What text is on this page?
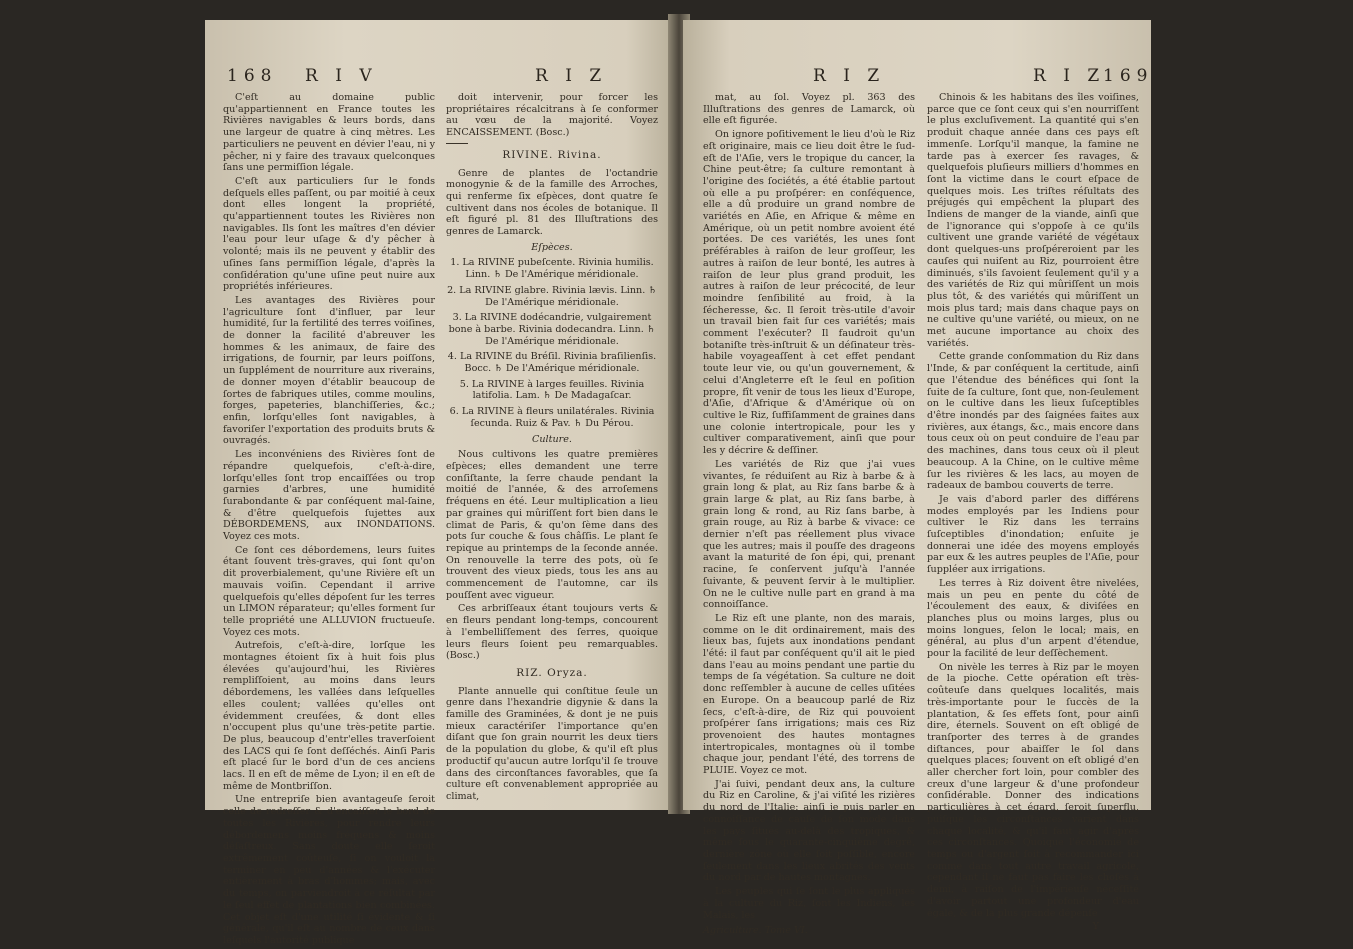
168 R I V	R I Z

C'eſt au domaine public qu'appartiennent en France toutes les Rivières navigables & leurs bords, dans une largeur de quatre à cinq mètres. Les particuliers ne peuvent en dévier l'eau, ni y pêcher, ni y faire des travaux quelconques ſans une permiſſion légale.

C'eſt aux particuliers ſur le fonds deſquels elles paſſent, ou par moitié à ceux dont elles longent la propriété, qu'appartiennent toutes les Rivières non navigables. Ils ſont les maîtres d'en dévier l'eau pour leur uſage & d'y pêcher à volonté; mais ils ne peuvent y établir des uſines ſans permiſſion légale, d'après la conſidération qu'une uſine peut nuire aux propriétés inférieures.

Les avantages des Rivières pour l'agriculture ſont d'influer, par leur humidité, ſur la fertilité des terres voiſines, de donner la facilité d'abreuver les hommes & les animaux, de faire des irrigations, de fournir, par leurs poiſſons, un ſupplément de nourriture aux riverains, de donner moyen d'établir beaucoup de ſortes de fabriques utiles, comme moulins, forges, papeteries, blanchiſſeries, &c.; enfin, lorſqu'elles ſont navigables, à favoriſer l'exportation des produits bruts & ouvragés.

Les inconvéniens des Rivières ſont de répandre quelquefois, c'eſt-à-dire, lorſqu'elles ſont trop encaiſſées ou trop garnies d'arbres, une humidité ſurabondante & par conſéquent mal-ſaine, & d'être quelquefois ſujettes aux DÉBORDEMENS, aux INONDATIONS. Voyez ces mots.

Ce ſont ces débordemens, leurs ſuites étant ſouvent très-graves, qui ſont qu'on dit proverbialement, qu'une Rivière eſt un mauvais voiſin. Cependant il arrive quelquefois qu'elles dépoſent ſur les terres un LIMON réparateur; qu'elles forment ſur telle propriété une ALLUVION fructueuſe. Voyez ces mots.

Autrefois, c'eſt-à-dire, lorſque les montagnes étoient ſix à huit fois plus élevées qu'aujourd'hui, les Rivières rempliſſoient, au moins dans leurs débordemens, les vallées dans leſquelles elles coulent; vallées qu'elles ont évidemment creuſées, & dont elles n'occupent plus qu'une très-petite partie. De plus, beaucoup d'entr'elles traverſoient des LACS qui ſe ſont deſſéchés. Ainſi Paris eſt placé ſur le bord d'un de ces anciens lacs. Il en eſt de même de Lyon; il en eſt de même de Montbriſſon.

Une entrepriſe bien avantageuſe ſeroit celle de redreſſer & d'encaiſſer le bord de toutes les Rivières, pour rendre leurs débordemens moins fréquens & moins déſaſtreux. Sans doute elle ſeroit extrêmement coûteuſe, ſi on vouloit la terminer en peu d'années & l'exécuter entièrement à bras d'hommes; mais, avec du temps, on parviendroit à ce réſultat par le ſeul effet de plantations bien combinées. Cet objet eſt d'une utilité ſi évidente & ſi générale, qu'il eſt au nombre de ceux dans leſquels l'autorité publique

doit intervenir, pour forcer les propriétaires récalcitrans à ſe conformer au vœu de la majorité. Voyez ENCAISSEMENT. (Bosc.)

RIVINE. Rivina.

Genre de plantes de l'octandrie monogynie & de la famille des Arroches, qui renferme ſix eſpèces, dont quatre ſe cultivent dans nos écoles de botanique. Il eſt figuré pl. 81 des Illuſtrations des genres de Lamarck.

Eſpèces.

1. La RIVINE pubeſcente. Rivinia humilis. Linn. ♄ De l'Amérique méridionale.

2. La RIVINE glabre. Rivinia lævis. Linn. ♄ De l'Amérique méridionale.

3. La RIVINE dodécandrie, vulgairement bone à barbe. Rivinia dodecandra. Linn. ♄ De l'Amérique méridionale.

4. La RIVINE du Bréſil. Rivinia braſilienſis. Bocc. ♄ De l'Amérique méridionale.

5. La RIVINE à larges feuilles. Rivinia latifolia. Lam. ♄ De Madagaſcar.

6. La RIVINE à fleurs unilatérales. Rivinia ſecunda. Ruiz & Pav. ♄ Du Pérou.

Culture.

Nous cultivons les quatre premières eſpèces; elles demandent une terre conſiſtante, la ſerre chaude pendant la moitié de l'année, & des arroſemens fréquens en été. Leur multiplication a lieu par graines qui mûriſſent fort bien dans le climat de Paris, & qu'on ſème dans des pots ſur couche & ſous châſſis. Le plant ſe repique au printemps de la ſeconde année. On renouvelle la terre des pots, où ſe trouvent des vieux pieds, tous les ans au commencement de l'automne, car ils pouſſent avec vigueur.

Ces arbriſſeaux étant toujours verts & en fleurs pendant long-temps, concourent à l'embelliſſement des ſerres, quoique leurs fleurs ſoient peu remarquables. (Bosc.)

RIZ. Oryza.

Plante annuelle qui conſtitue ſeule un genre dans l'hexandrie digynie & dans la famille des Graminées, & dont je ne puis mieux caractériſer l'importance qu'en diſant que ſon grain nourrit les deux tiers de la population du globe, & qu'il eſt plus productif qu'aucun autre lorſqu'il ſe trouve dans des circonſtances favorables, que ſa culture eſt convenablement appropriée au climat,

R I Z	R I Z
169

mat, au ſol. Voyez pl. 363 des Illuſtrations des genres de Lamarck, où elle eſt figurée.

On ignore poſitivement le lieu d'où le Riz eſt originaire, mais ce lieu doit être le ſud-eſt de l'Aſie, vers le tropique du cancer, la Chine peut-être; ſa culture remontant à l'origine des ſociétés, a été établie partout où elle a pu proſpérer: en conſéquence, elle a dû produire un grand nombre de variétés en Aſie, en Afrique & même en Amérique, où un petit nombre avoient été portées. De ces variétés, les unes ſont préférables à raiſon de leur groſſeur, les autres à raiſon de leur bonté, les autres à raiſon de leur plus grand produit, les autres à raiſon de leur précocité, de leur moindre ſenſibilité au froid, à la ſécheresse, &c. Il ſeroit très-utile d'avoir un travail bien fait ſur ces variétés; mais comment l'exécuter? Il faudroit qu'un botaniſte très-inſtruit & un déſinateur très-habile voyageaſſent à cet effet pendant toute leur vie, ou qu'un gouvernement, & celui d'Angleterre eſt le ſeul en poſition propre, fît venir de tous les lieux d'Europe, d'Aſie, d'Afrique & d'Amérique où on cultive le Riz, ſuffiſamment de graines dans une colonie intertropicale, pour les y cultiver comparativement, ainſi que pour les y décrire & deſſiner.

Les variétés de Riz que j'ai vues vivantes, ſe réduiſent au Riz à barbe & à grain long & plat, au Riz ſans barbe & à grain large & plat, au Riz ſans barbe, à grain long & rond, au Riz ſans barbe, à grain rouge, au Riz à barbe & vivace: ce dernier n'eſt pas réellement plus vivace que les autres; mais il pouſſe des drageons avant la maturité de ſon épi, qui, prenant racine, ſe conſervent juſqu'à l'année ſuivante, & peuvent ſervir à le multiplier. On ne le cultive nulle part en grand à ma connoiſſance.

Le Riz eſt une plante, non des marais, comme on le dit ordinairement, mais des lieux bas, ſujets aux inondations pendant l'été: il faut par conſéquent qu'il ait le pied dans l'eau au moins pendant une partie du temps de ſa végétation. Sa culture ne doit donc reſſembler à aucune de celles uſitées en Europe. On a beaucoup parlé de Riz ſecs, c'eſt-à-dire, de Riz qui pouvoient proſpérer ſans irrigations; mais ces Riz provenoient des hautes montagnes intertropicales, montagnes où il tombe chaque jour, pendant l'été, des torrens de PLUIE. Voyez ce mot.

J'ai ſuivi, pendant deux ans, la culture du Riz en Caroline, & j'ai viſité les rizières du nord de l'Italie: ainſi je puis parler en connoiſſance de cauſe de ſon mode dans les pays ſitués au-delà des tropiques, & même ſous le quarante-cinquième degré, dernière zône où elle ſoit poſſible, encore ſeulement dans les lieux abrités des vents du nord par de hautes montagnes.

Les peuples qui ſe ſont le plus appliqués à la culture du Riz, ſont les Indiens, les Malais, les

Agriculture. Tome VI.

Chinois & les habitans des îles voiſines, parce que ce ſont ceux qui s'en nourriſſent le plus excluſivement. La quantité qui s'en produit chaque année dans ces pays eſt immenſe. Lorſqu'il manque, la famine ne tarde pas à exercer ſes ravages, & quelquefois pluſieurs milliers d'hommes en ſont la victime dans le court eſpace de quelques mois. Les triſtes réſultats des préjugés qui empêchent la plupart des Indiens de manger de la viande, ainſi que de l'ignorance qui s'oppoſe à ce qu'ils cultivent une grande variété de végétaux dont quelques-uns proſpéreroient par les cauſes qui nuiſent au Riz, pourroient être diminués, s'ils ſavoient ſeulement qu'il y a des variétés de Riz qui mûriſſent un mois plus tôt, & des variétés qui mûriſſent un mois plus tard; mais dans chaque pays on ne cultive qu'une variété, ou mieux, on ne met aucune importance au choix des variétés.

Cette grande conſommation du Riz dans l'Inde, & par conſéquent la certitude, ainſi que l'étendue des bénéfices qui ſont la ſuite de ſa culture, ſont que, non-ſeulement on le cultive dans les lieux ſuſceptibles d'être inondés par des ſaignées faites aux rivières, aux étangs, &c., mais encore dans tous ceux où on peut conduire de l'eau par des machines, dans tous ceux où il pleut beaucoup. A la Chine, on le cultive même ſur les rivières & les lacs, au moyen de radeaux de bambou couverts de terre.

Je vais d'abord parler des différens modes employés par les Indiens pour cultiver le Riz dans les terrains ſuſceptibles d'inondation; enſuite je donnerai une idée des moyens employés par eux & les autres peuples de l'Aſie, pour ſuppléer aux irrigations.

Les terres à Riz doivent être nivelées, mais un peu en pente du côté de l'écoulement des eaux, & diviſées en planches plus ou moins larges, plus ou moins longues, ſelon le local; mais, en général, au plus d'un arpent d'étendue, pour la facilité de leur deſſèchement.

On nivèle les terres à Riz par le moyen de la pioche. Cette opération eſt très-coûteuſe dans quelques localités, mais très-importante pour le ſuccès de la plantation, & ſes effets ſont, pour ainſi dire, éternels. Souvent on eſt obligé de tranſporter des terres à de grandes diſtances, pour abaiſſer le ſol dans quelques places; ſouvent on eſt obligé d'en aller chercher fort loin, pour combler des creux d'une largeur & d'une profondeur conſidérable. Donner des indications particulières à cet égard, ſeroit ſuperflu, puiſque les circonſtances varient dans chaque localité, & qu'il faut agir d'après ces circonſtances. Quoique l'économie de temps ou d'argent ſoit à recommander ici comme dans tout autre travail agricole, cependant il ne faut pas faire les choſes à demi, à raiſon de l'impérieuſe néceſſité d'avoir partout une profondeur d'eau égale, & de la plus grande dépenſe

Y
